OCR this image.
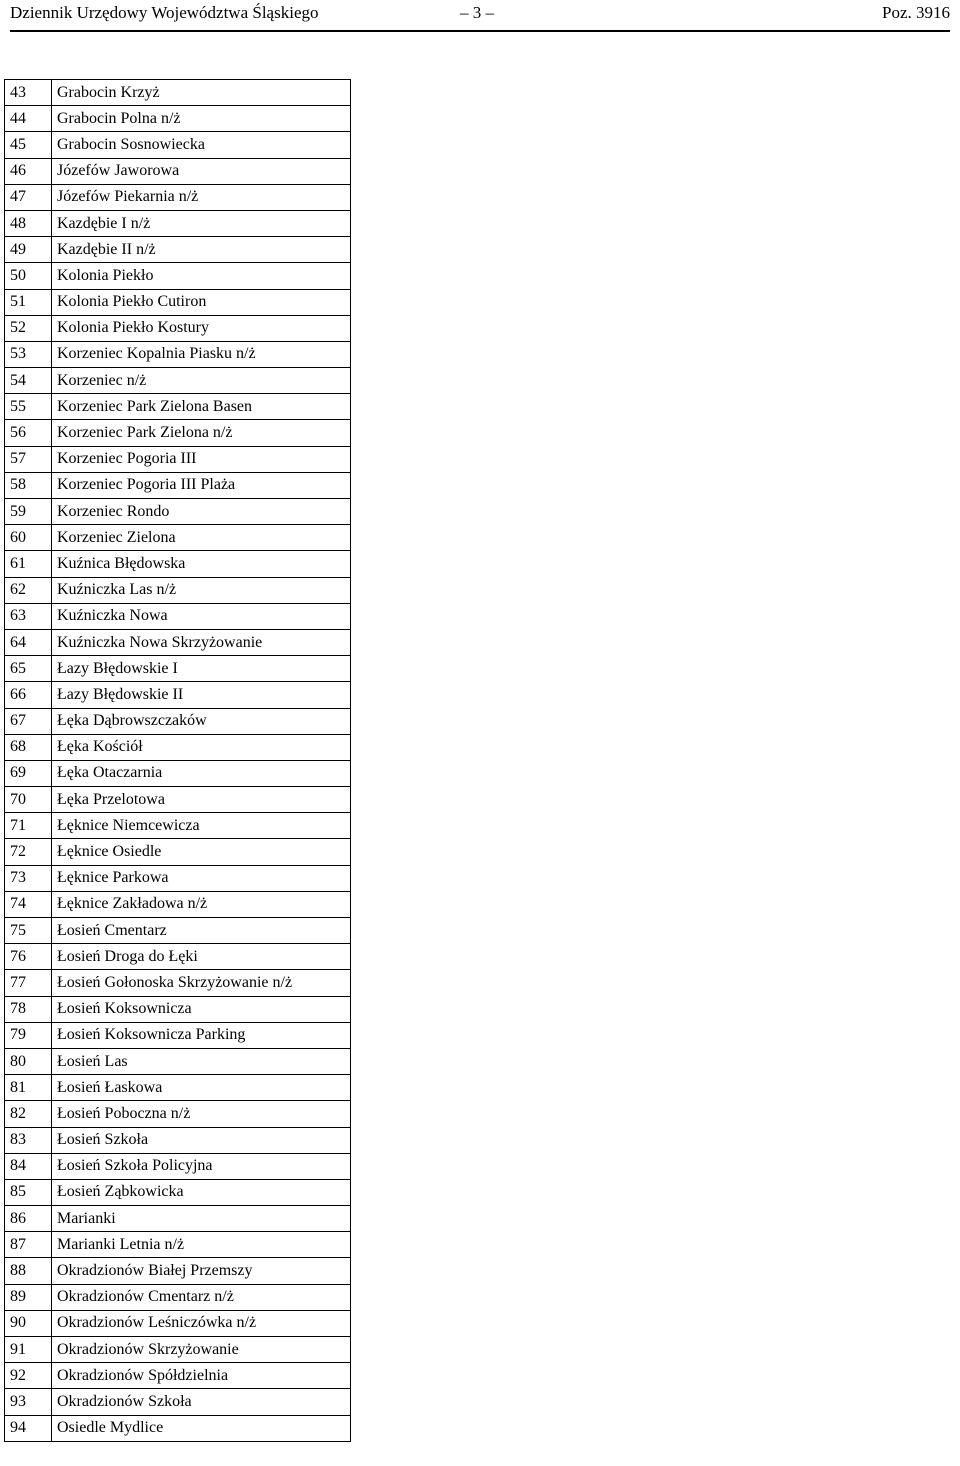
Dziennik Urzędowy Województwa Śląskiego	– 3 –	Poz. 3916
43	Grabocin Krzyż
44	Grabocin Polna n/ż
45	Grabocin Sosnowiecka
46	Józefów Jaworowa
47	Józefów Piekarnia n/ż
48	Kazdębie I n/ż
49	Kazdębie II n/ż
50	Kolonia Piekło
51	Kolonia Piekło Cutiron
52	Kolonia Piekło Kostury
53	Korzeniec Kopalnia Piasku n/ż
54	Korzeniec n/ż
55	Korzeniec Park Zielona Basen
56	Korzeniec Park Zielona n/ż
57	Korzeniec Pogoria III
58	Korzeniec Pogoria III Plaża
59	Korzeniec Rondo
60	Korzeniec Zielona
61	Kuźnica Błędowska
62	Kuźniczka Las n/ż
63	Kuźniczka Nowa
64	Kuźniczka Nowa Skrzyżowanie
65	Łazy Błędowskie I
66	Łazy Błędowskie II
67	Łęka Dąbrowszczaków
68	Łęka Kościół
69	Łęka Otaczarnia
70	Łęka Przelotowa
71	Łęknice Niemcewicza
72	Łęknice Osiedle
73	Łęknice Parkowa
74	Łęknice Zakładowa n/ż
75	Łosień Cmentarz
76	Łosień Droga do Łęki
77	Łosień Gołonoska Skrzyżowanie n/ż
78	Łosień Koksownicza
79	Łosień Koksownicza Parking
80	Łosień Las
81	Łosień Łaskowa
82	Łosień Poboczna n/ż
83	Łosień Szkoła
84	Łosień Szkoła Policyjna
85	Łosień Ząbkowicka
86	Marianki
87	Marianki Letnia n/ż
88	Okradzionów Białej Przemszy
89	Okradzionów Cmentarz n/ż
90	Okradzionów Leśniczówka n/ż
91	Okradzionów Skrzyżowanie
92	Okradzionów Spółdzielnia
93	Okradzionów Szkoła
94	Osiedle Mydlice
